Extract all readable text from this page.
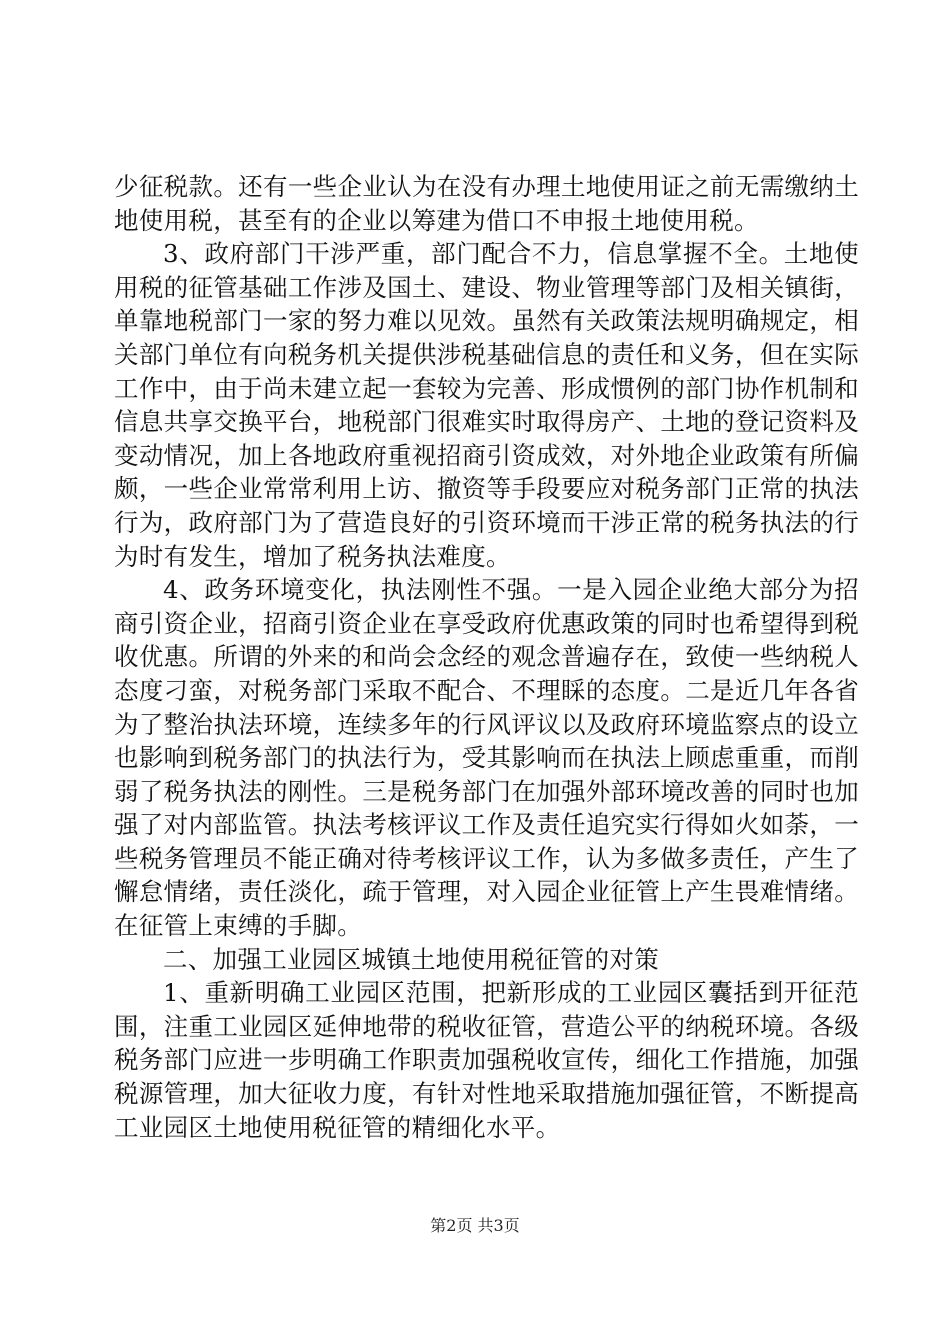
少征税款。还有一些企业认为在没有办理土地使用证之前无需缴纳土地使用税，甚至有的企业以筹建为借口不申报土地使用税。

3、政府部门干涉严重，部门配合不力，信息掌握不全。土地使用税的征管基础工作涉及国土、建设、物业管理等部门及相关镇街，单靠地税部门一家的努力难以见效。虽然有关政策法规明确规定，相关部门单位有向税务机关提供涉税基础信息的责任和义务，但在实际工作中，由于尚未建立起一套较为完善、形成惯例的部门协作机制和信息共享交换平台，地税部门很难实时取得房产、土地的登记资料及变动情况，加上各地政府重视招商引资成效，对外地企业政策有所偏颇，一些企业常常利用上访、撤资等手段要应对税务部门正常的执法行为，政府部门为了营造良好的引资环境而干涉正常的税务执法的行为时有发生，增加了税务执法难度。

4、政务环境变化，执法刚性不强。一是入园企业绝大部分为招商引资企业，招商引资企业在享受政府优惠政策的同时也希望得到税收优惠。所谓的外来的和尚会念经的观念普遍存在，致使一些纳税人态度刁蛮，对税务部门采取不配合、不理睬的态度。二是近几年各省为了整治执法环境，连续多年的行风评议以及政府环境监察点的设立也影响到税务部门的执法行为，受其影响而在执法上顾虑重重，而削弱了税务执法的刚性。三是税务部门在加强外部环境改善的同时也加强了对内部监管。执法考核评议工作及责任追究实行得如火如荼，一些税务管理员不能正确对待考核评议工作，认为多做多责任，产生了懈怠情绪，责任淡化，疏于管理，对入园企业征管上产生畏难情绪。在征管上束缚的手脚。

二、加强工业园区城镇土地使用税征管的对策

1、重新明确工业园区范围，把新形成的工业园区囊括到开征范围，注重工业园区延伸地带的税收征管，营造公平的纳税环境。各级税务部门应进一步明确工作职责加强税收宣传，细化工作措施，加强税源管理，加大征收力度，有针对性地采取措施加强征管，不断提高工业园区土地使用税征管的精细化水平。

第2页 共3页
